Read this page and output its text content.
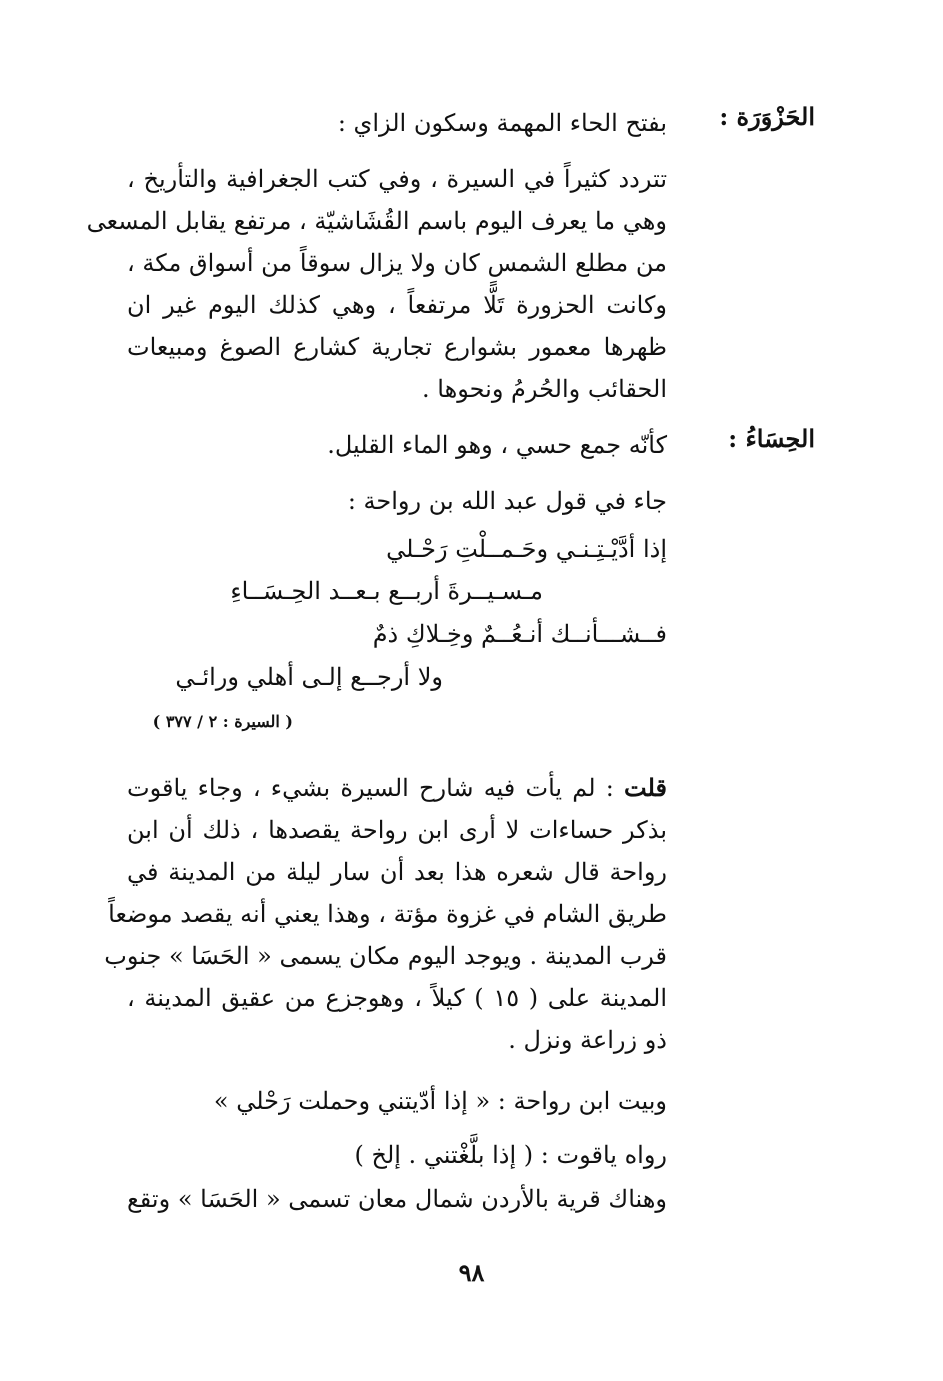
الحَزْوَرَة :
بفتح الحاء المهمة وسكون الزاي :
تتردد كثيراً في السيرة ، وفي كتب الجغرافية والتأريخ ،
وهي ما يعرف اليوم باسم القُشَاشيّة ، مرتفع يقابل المسعى
من مطلع الشمس كان ولا يزال سوقاً من أسواق مكة ،
وكانت الحزورة تَلًّا مرتفعاً ، وهي كذلك اليوم غير ان
ظهرها معمور بشوارع تجارية كشارع الصوغ ومبيعات
الحقائب والحُرمُ ونحوها .
الحِسَاءُ :
كأنّه جمع حسي ، وهو الماء القليل.
جاء في قول عبد الله بن رواحة :
إذا أدَّيْـتِـنـي وحَـمــلْتِ رَحْـلي
مـسـيــرةَ أربــع بـعــد الحِـسَــاءِ
فــشـــأنــك أنـعُــمٌ وخِـلاكِ ذمٌ
ولا أرجــع إلـى أهلي ورائـي
( السيرة : ٢ / ٣٧٧ )
قلت : لم يأت فيه شارح السيرة بشيء ، وجاء ياقوت
بذكر حساءات لا أرى ابن رواحة يقصدها ، ذلك أن ابن
رواحة قال شعره هذا بعد أن سار ليلة من المدينة في
طريق الشام في غزوة مؤتة ، وهذا يعني أنه يقصد موضعاً
قرب المدينة . ويوجد اليوم مكان يسمى « الحَسَا » جنوب
المدينة على ( ١٥ ) كيلاً ، وهوجزع من عقيق المدينة ،
ذو زراعة ونزل .
وبيت ابن رواحة : « إذا أدّيتني وحملت رَحْلي »
رواه ياقوت : ( إذا بلَّغْتني . إلخ )
وهناك قرية بالأردن شمال معان تسمى « الحَسَا » وتقع
٩٨
